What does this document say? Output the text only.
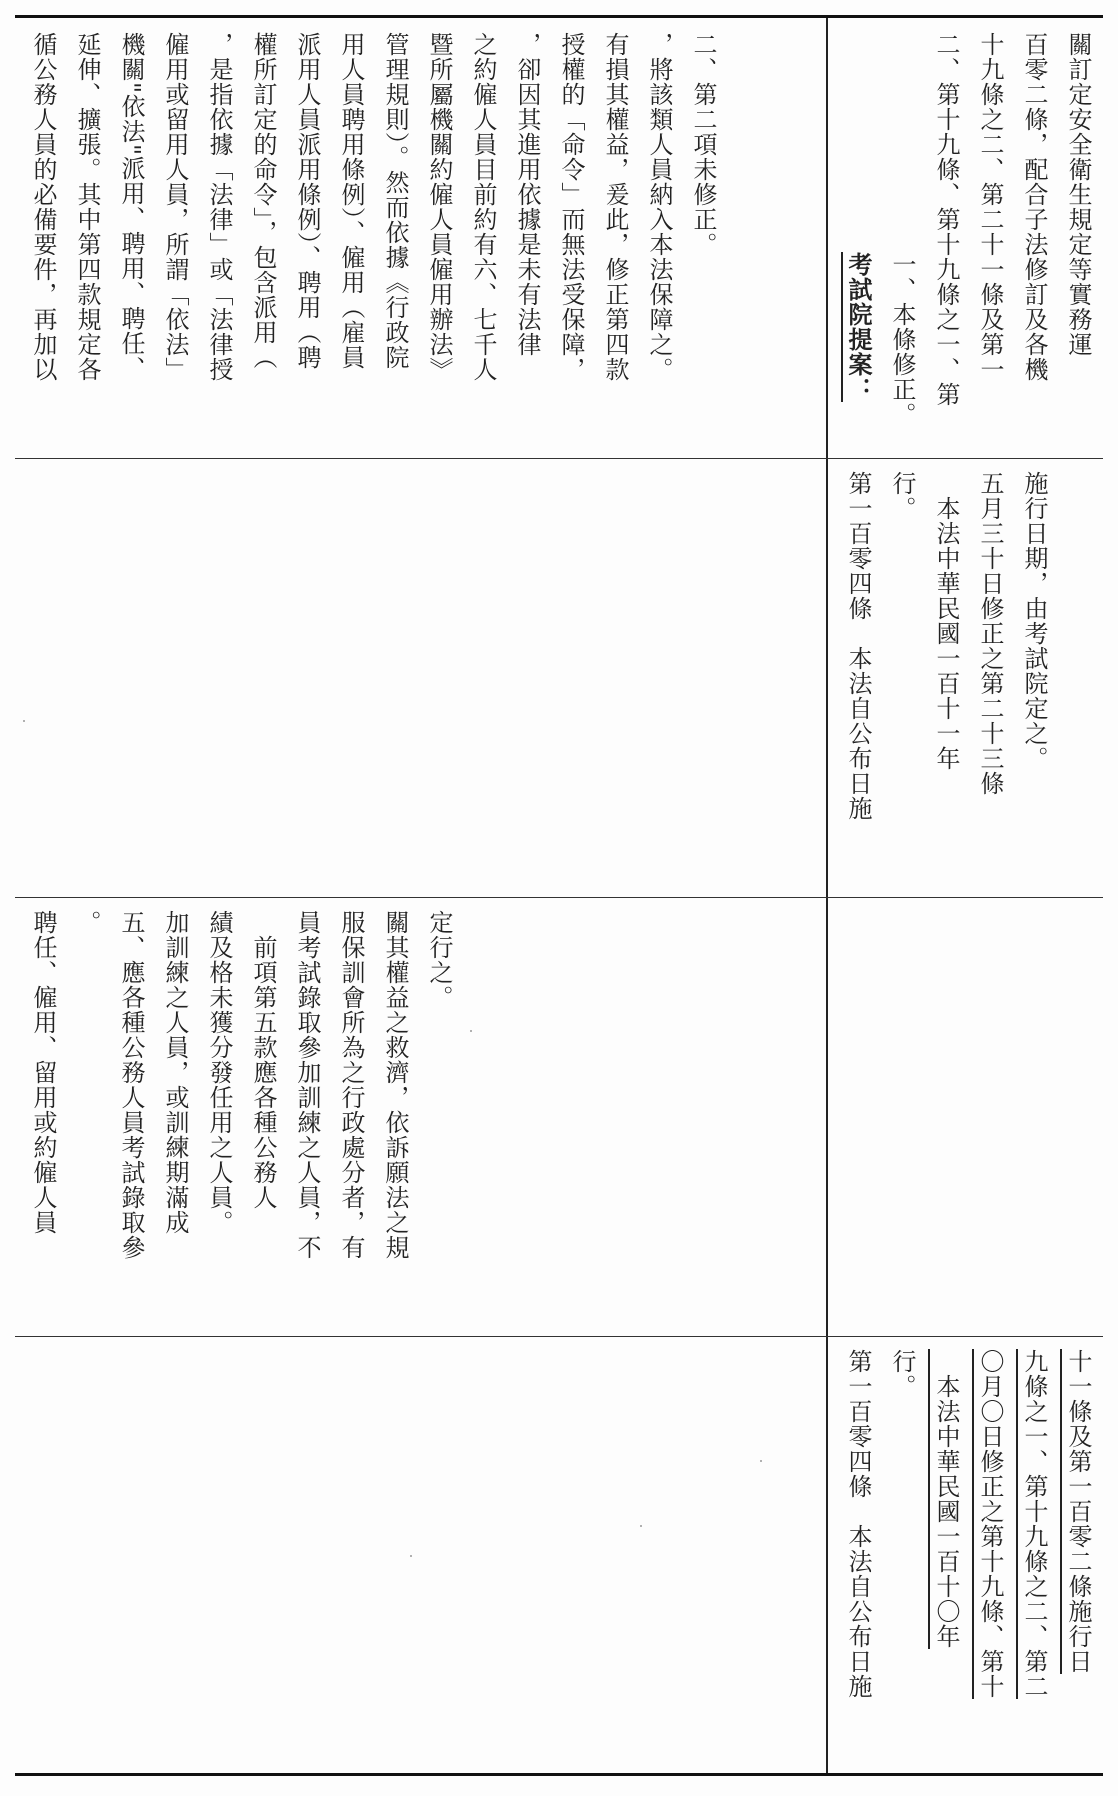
循公務人員的必備要件，再加以 延伸、擴張。其中第四款規定各 機關"依法"派用、聘用、聘任、 僱用或留用人員，所謂「依法」 ，是指依據「法律」或「法律授 權所訂定的命令」，包含派用（ 派用人員派用條例）、聘用（聘 用人員聘用條例）、僱用（雇員 管理規則）。然而依據《行政院 暨所屬機關約僱人員僱用辦法》 之約僱人員目前約有六、七千人 ，卻因其進用依據是未有法律 授權的「命令」而無法受保障， 有損其權益，爰此，修正第四款 ，將該類人員納入本法保障之。 二、第二項未修正。
考試院提案： 一、本條修正。 二、第十九條、第十九條之一、第 十九條之二、第二十一條及第一 百零二條，配合子法修訂及各機 關訂定安全衛生規定等實務運
第一百零四條　本法自公布日施 行。 　本法中華民國一百十一年 五月三十日修正之第二十三條 施行日期，由考試院定之。
聘任、僱用、留用或約僱人員 。 五、應各種公務人員考試錄取參 加訓練之人員，或訓練期滿成 績及格未獲分發任用之人員。 　前項第五款應各種公務人 員考試錄取參加訓練之人員，不 服保訓會所為之行政處分者，有 關其權益之救濟，依訴願法之規 定行之。
第一百零四條　本法自公布日施 行。 　本法中華民國一百十〇年 〇月〇日修正之第十九條、第十 九條之一、第十九條之二、第二 十一條及第一百零二條施行日
